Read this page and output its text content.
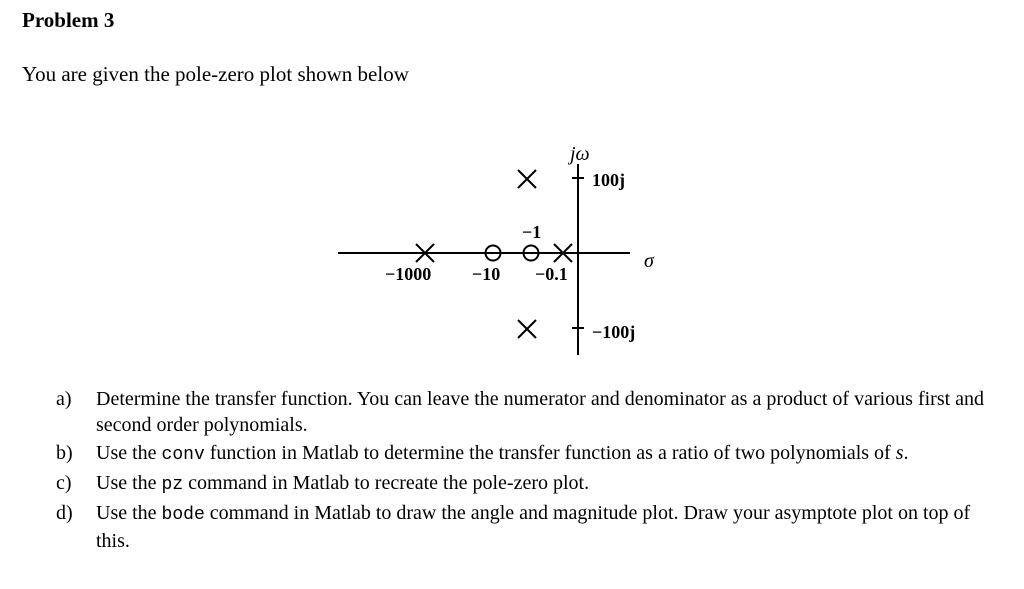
Problem 3
You are given the pole-zero plot shown below
jω
σ
100j
−100j
−1
−1000 −10 −0.1
a)	Determine the transfer function. You can leave the numerator and denominator as a product of various first and second order polynomials.
b)	Use the conv function in Matlab to determine the transfer function as a ratio of two polynomials of s.
c)	Use the pz command in Matlab to recreate the pole-zero plot.
d)	Use the bode command in Matlab to draw the angle and magnitude plot. Draw your asymptote plot on top of this.
